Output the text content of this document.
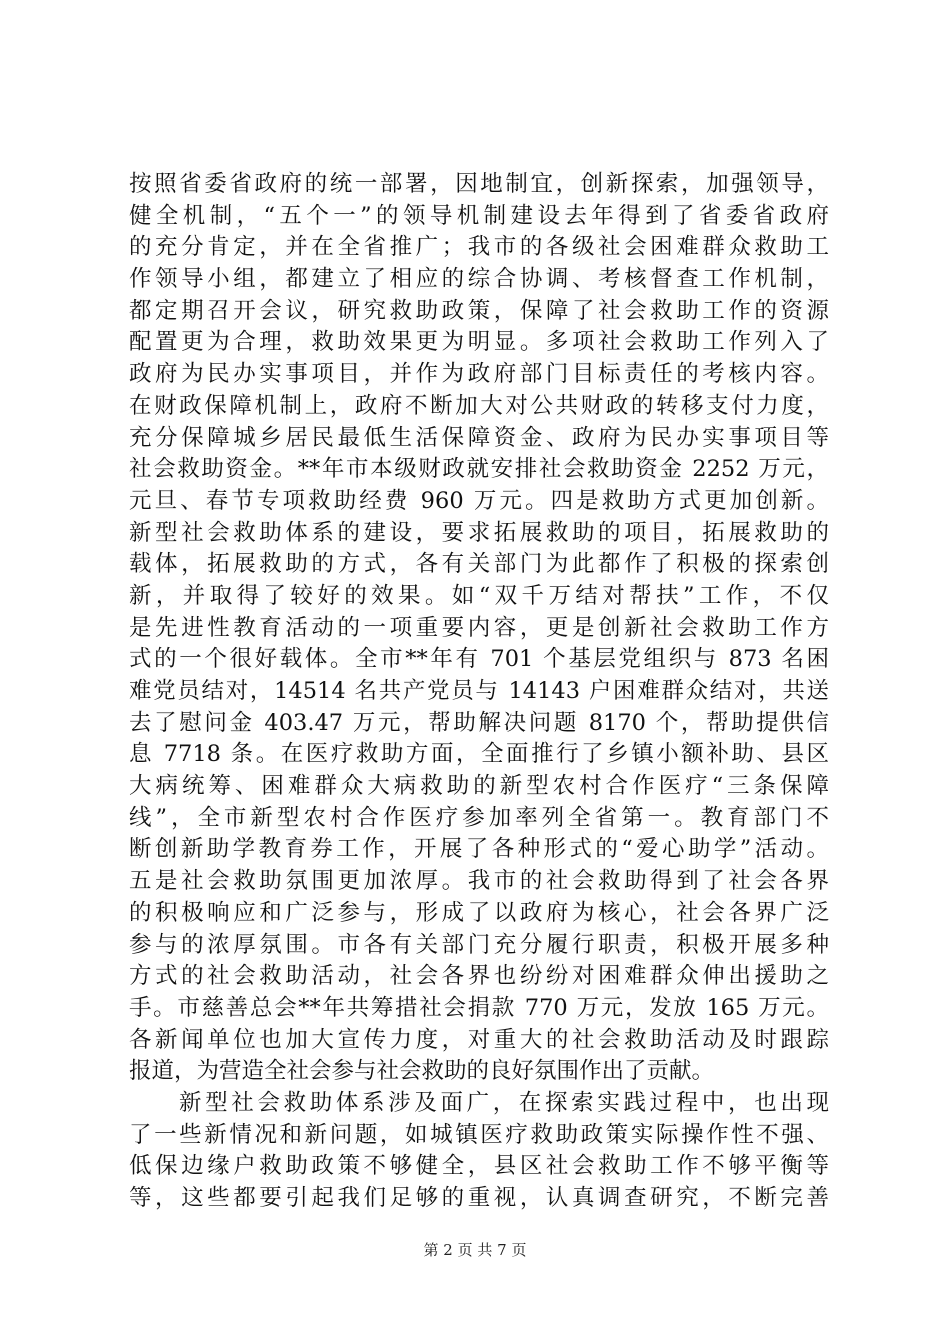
按照省委省政府的统一部署，因地制宜，创新探索，加强领导，
健全机制，“五个一”的领导机制建设去年得到了省委省政府
的充分肯定，并在全省推广；我市的各级社会困难群众救助工
作领导小组，都建立了相应的综合协调、考核督查工作机制，
都定期召开会议，研究救助政策，保障了社会救助工作的资源
配置更为合理，救助效果更为明显。多项社会救助工作列入了
政府为民办实事项目，并作为政府部门目标责任的考核内容。
在财政保障机制上，政府不断加大对公共财政的转移支付力度，
充分保障城乡居民最低生活保障资金、政府为民办实事项目等
社会救助资金。**年市本级财政就安排社会救助资金 2252 万元，
元旦、春节专项救助经费 960 万元。四是救助方式更加创新。
新型社会救助体系的建设，要求拓展救助的项目，拓展救助的
载体，拓展救助的方式，各有关部门为此都作了积极的探索创
新，并取得了较好的效果。如“双千万结对帮扶”工作，不仅
是先进性教育活动的一项重要内容，更是创新社会救助工作方
式的一个很好载体。全市**年有 701 个基层党组织与 873 名困
难党员结对，14514 名共产党员与 14143 户困难群众结对，共送
去了慰问金 403.47 万元，帮助解决问题 8170 个，帮助提供信
息 7718 条。在医疗救助方面，全面推行了乡镇小额补助、县区
大病统筹、困难群众大病救助的新型农村合作医疗“三条保障
线”，全市新型农村合作医疗参加率列全省第一。教育部门不
断创新助学教育券工作，开展了各种形式的“爱心助学”活动。
五是社会救助氛围更加浓厚。我市的社会救助得到了社会各界
的积极响应和广泛参与，形成了以政府为核心，社会各界广泛
参与的浓厚氛围。市各有关部门充分履行职责，积极开展多种
方式的社会救助活动，社会各界也纷纷对困难群众伸出援助之
手。市慈善总会**年共筹措社会捐款 770 万元，发放 165 万元。
各新闻单位也加大宣传力度，对重大的社会救助活动及时跟踪
报道，为营造全社会参与社会救助的良好氛围作出了贡献。
新型社会救助体系涉及面广，在探索实践过程中，也出现
了一些新情况和新问题，如城镇医疗救助政策实际操作性不强、
低保边缘户救助政策不够健全，县区社会救助工作不够平衡等
等，这些都要引起我们足够的重视，认真调查研究，不断完善
第 2 页 共 7 页
